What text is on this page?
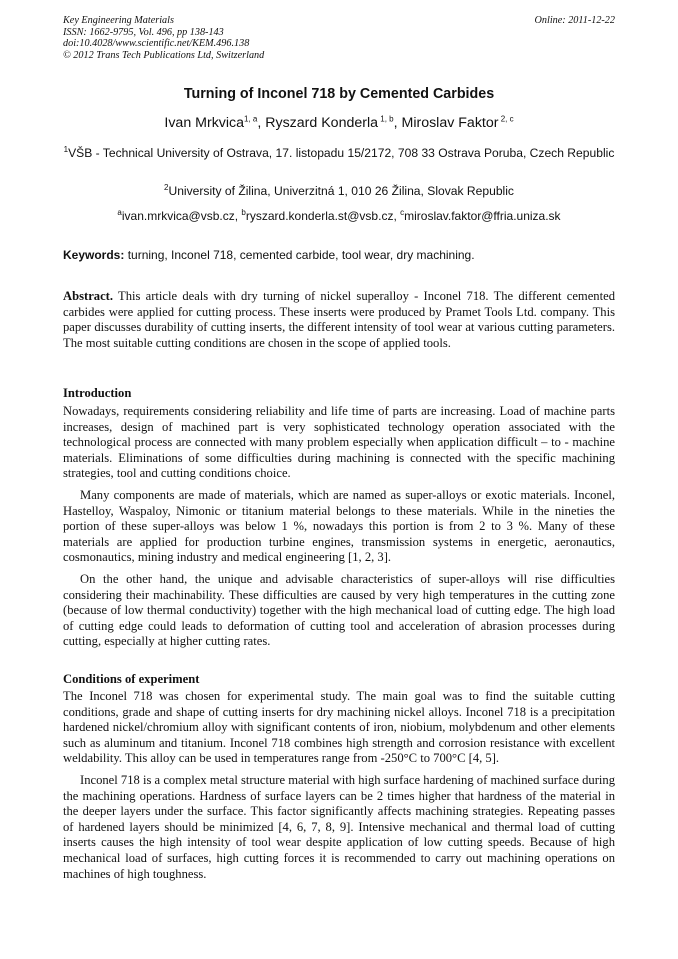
Key Engineering Materials	Online: 2011-12-22
ISSN: 1662-9795, Vol. 496, pp 138-143
doi:10.4028/www.scientific.net/KEM.496.138
© 2012 Trans Tech Publications Ltd, Switzerland
Turning of Inconel 718 by Cemented Carbides
Ivan Mrkvica$^{1, a}$, Ryszard Konderla $^{1, b}$, Miroslav Faktor $^{2, c}$
$^1$VŠB - Technical University of Ostrava, 17. listopadu 15/2172, 708 33 Ostrava Poruba, Czech Republic
$^2$University of Žilina, Univerzitná 1, 010 26 Žilina, Slovak Republic
$^a$ivan.mrkvica@vsb.cz, $^b$ryszard.konderla.st@vsb.cz, $^c$miroslav.faktor@ffria.uniza.sk
Keywords: turning, Inconel 718, cemented carbide, tool wear, dry machining.
Abstract. This article deals with dry turning of nickel superalloy - Inconel 718. The different cemented carbides were applied for cutting process. These inserts were produced by Pramet Tools Ltd. company. This paper discusses durability of cutting inserts, the different intensity of tool wear at various cutting parameters. The most suitable cutting conditions are chosen in the scope of applied tools.
Introduction

Nowadays, requirements considering reliability and life time of parts are increasing. Load of machine parts increases, design of machined part is very sophisticated technology operation associated with the technological process are connected with many problem especially when application difficult – to - machine materials. Eliminations of some difficulties during machining is connected with the specific machining strategies, tool and cutting conditions choice.

Many components are made of materials, which are named as super-alloys or exotic materials. Inconel, Hastelloy, Waspaloy, Nimonic or titanium material belongs to these materials. While in the nineties the portion of these super-alloys was below 1 %, nowadays this portion is from 2 to 3 %. Many of these materials are applied for production turbine engines, transmission systems in energetic, aeronautics, cosmonautics, mining industry and medical engineering [1, 2, 3].

On the other hand, the unique and advisable characteristics of super-alloys will rise difficulties considering their machinability. These difficulties are caused by very high temperatures in the cutting zone (because of low thermal conductivity) together with the high mechanical load of cutting edge. The high load of cutting edge could leads to deformation of cutting tool and acceleration of abrasion processes during cutting, especially at higher cutting rates.

Conditions of experiment

The Inconel 718 was chosen for experimental study. The main goal was to find the suitable cutting conditions, grade and shape of cutting inserts for dry machining nickel alloys. Inconel 718 is a precipitation hardened nickel/chromium alloy with significant contents of iron, niobium, molybdenum and other elements such as aluminum and titanium. Inconel 718 combines high strength and corrosion resistance with excellent weldability. This alloy can be used in temperatures range from -250°C to 700°C [4, 5].

Inconel 718 is a complex metal structure material with high surface hardening of machined surface during the machining operations. Hardness of surface layers can be 2 times higher that hardness of the material in the deeper layers under the surface. This factor significantly affects machining strategies. Repeating passes of hardened layers should be minimized [4, 6, 7, 8, 9]. Intensive mechanical and thermal load of cutting inserts causes the high intensity of tool wear despite application of low cutting speeds. Because of high mechanical load of surfaces, high cutting forces it is recommended to carry out machining operations on machines of high toughness.
